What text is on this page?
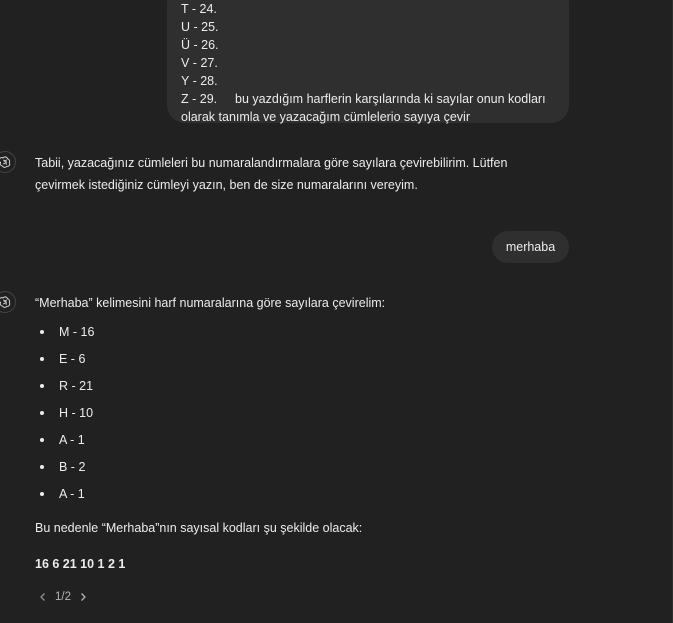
T - 24.
U - 25.
Ü - 26.
V - 27.
Y - 28.
Z - 29. bu yazdığım harflerin karşılarında ki sayılar onun kodları
olarak tanımla ve yazacağım cümlelerio sayıya çevir
Tabii, yazacağınız cümleleri bu numaralandırmalara göre sayılara çevirebilirim. Lütfen çevirmek istediğiniz cümleyi yazın, ben de size numaralarını vereyim.
merhaba
“Merhaba” kelimesini harf numaralarına göre sayılara çevirelim:
M - 16
E - 6
R - 21
H - 10
A - 1
B - 2
A - 1
Bu nedenle “Merhaba”nın sayısal kodları şu şekilde olacak:
16 6 21 10 1 2 1
1/2
